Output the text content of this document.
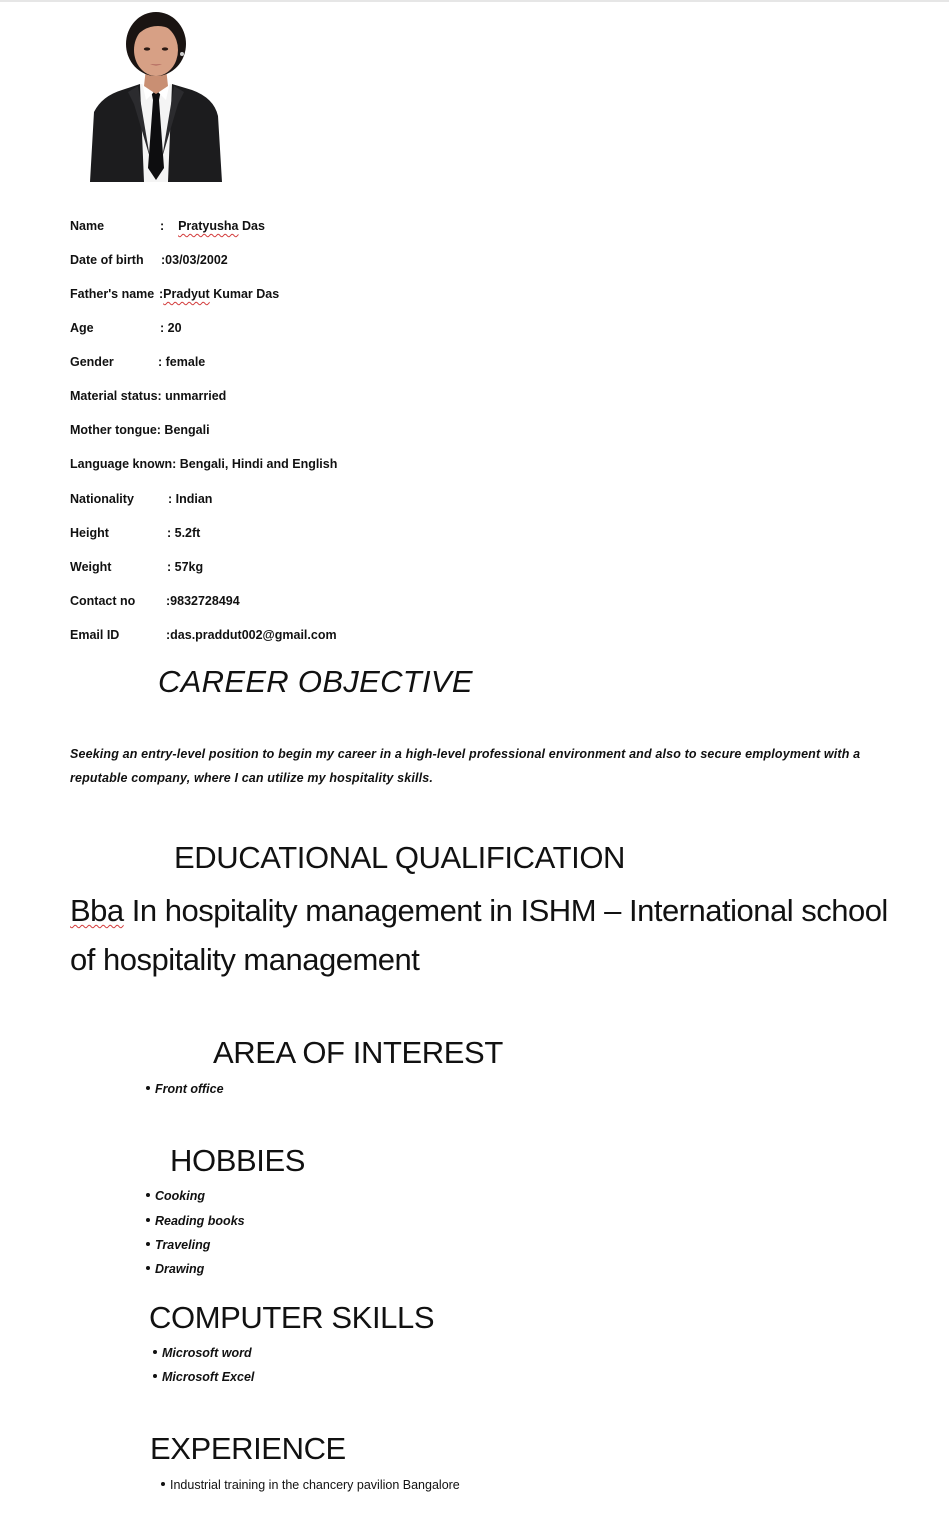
Name	:    Pratyusha Das
Date of birth :03/03/2002
Father's name :Pradyut Kumar Das
Age	: 20
Gender	: female
Material status: unmarried
Mother tongue: Bengali
Language known: Bengali, Hindi and English
Nationality	: Indian
Height	: 5.2ft
Weight	: 57kg
Contact no :9832728494
Email ID	:das.praddut002@gmail.com
CAREER OBJECTIVE
Seeking an entry-level position to begin my career in a high-level professional environment and also to secure employment with a reputable company, where I can utilize my hospitality skills.
EDUCATIONAL QUALIFICATION
Bba In hospitality management in ISHM – International school of hospitality management
AREA OF INTEREST
Front office
HOBBIES
Cooking
Reading books
Traveling
Drawing
COMPUTER SKILLS
Microsoft word
Microsoft Excel
EXPERIENCE
Industrial training in the chancery pavilion Bangalore
